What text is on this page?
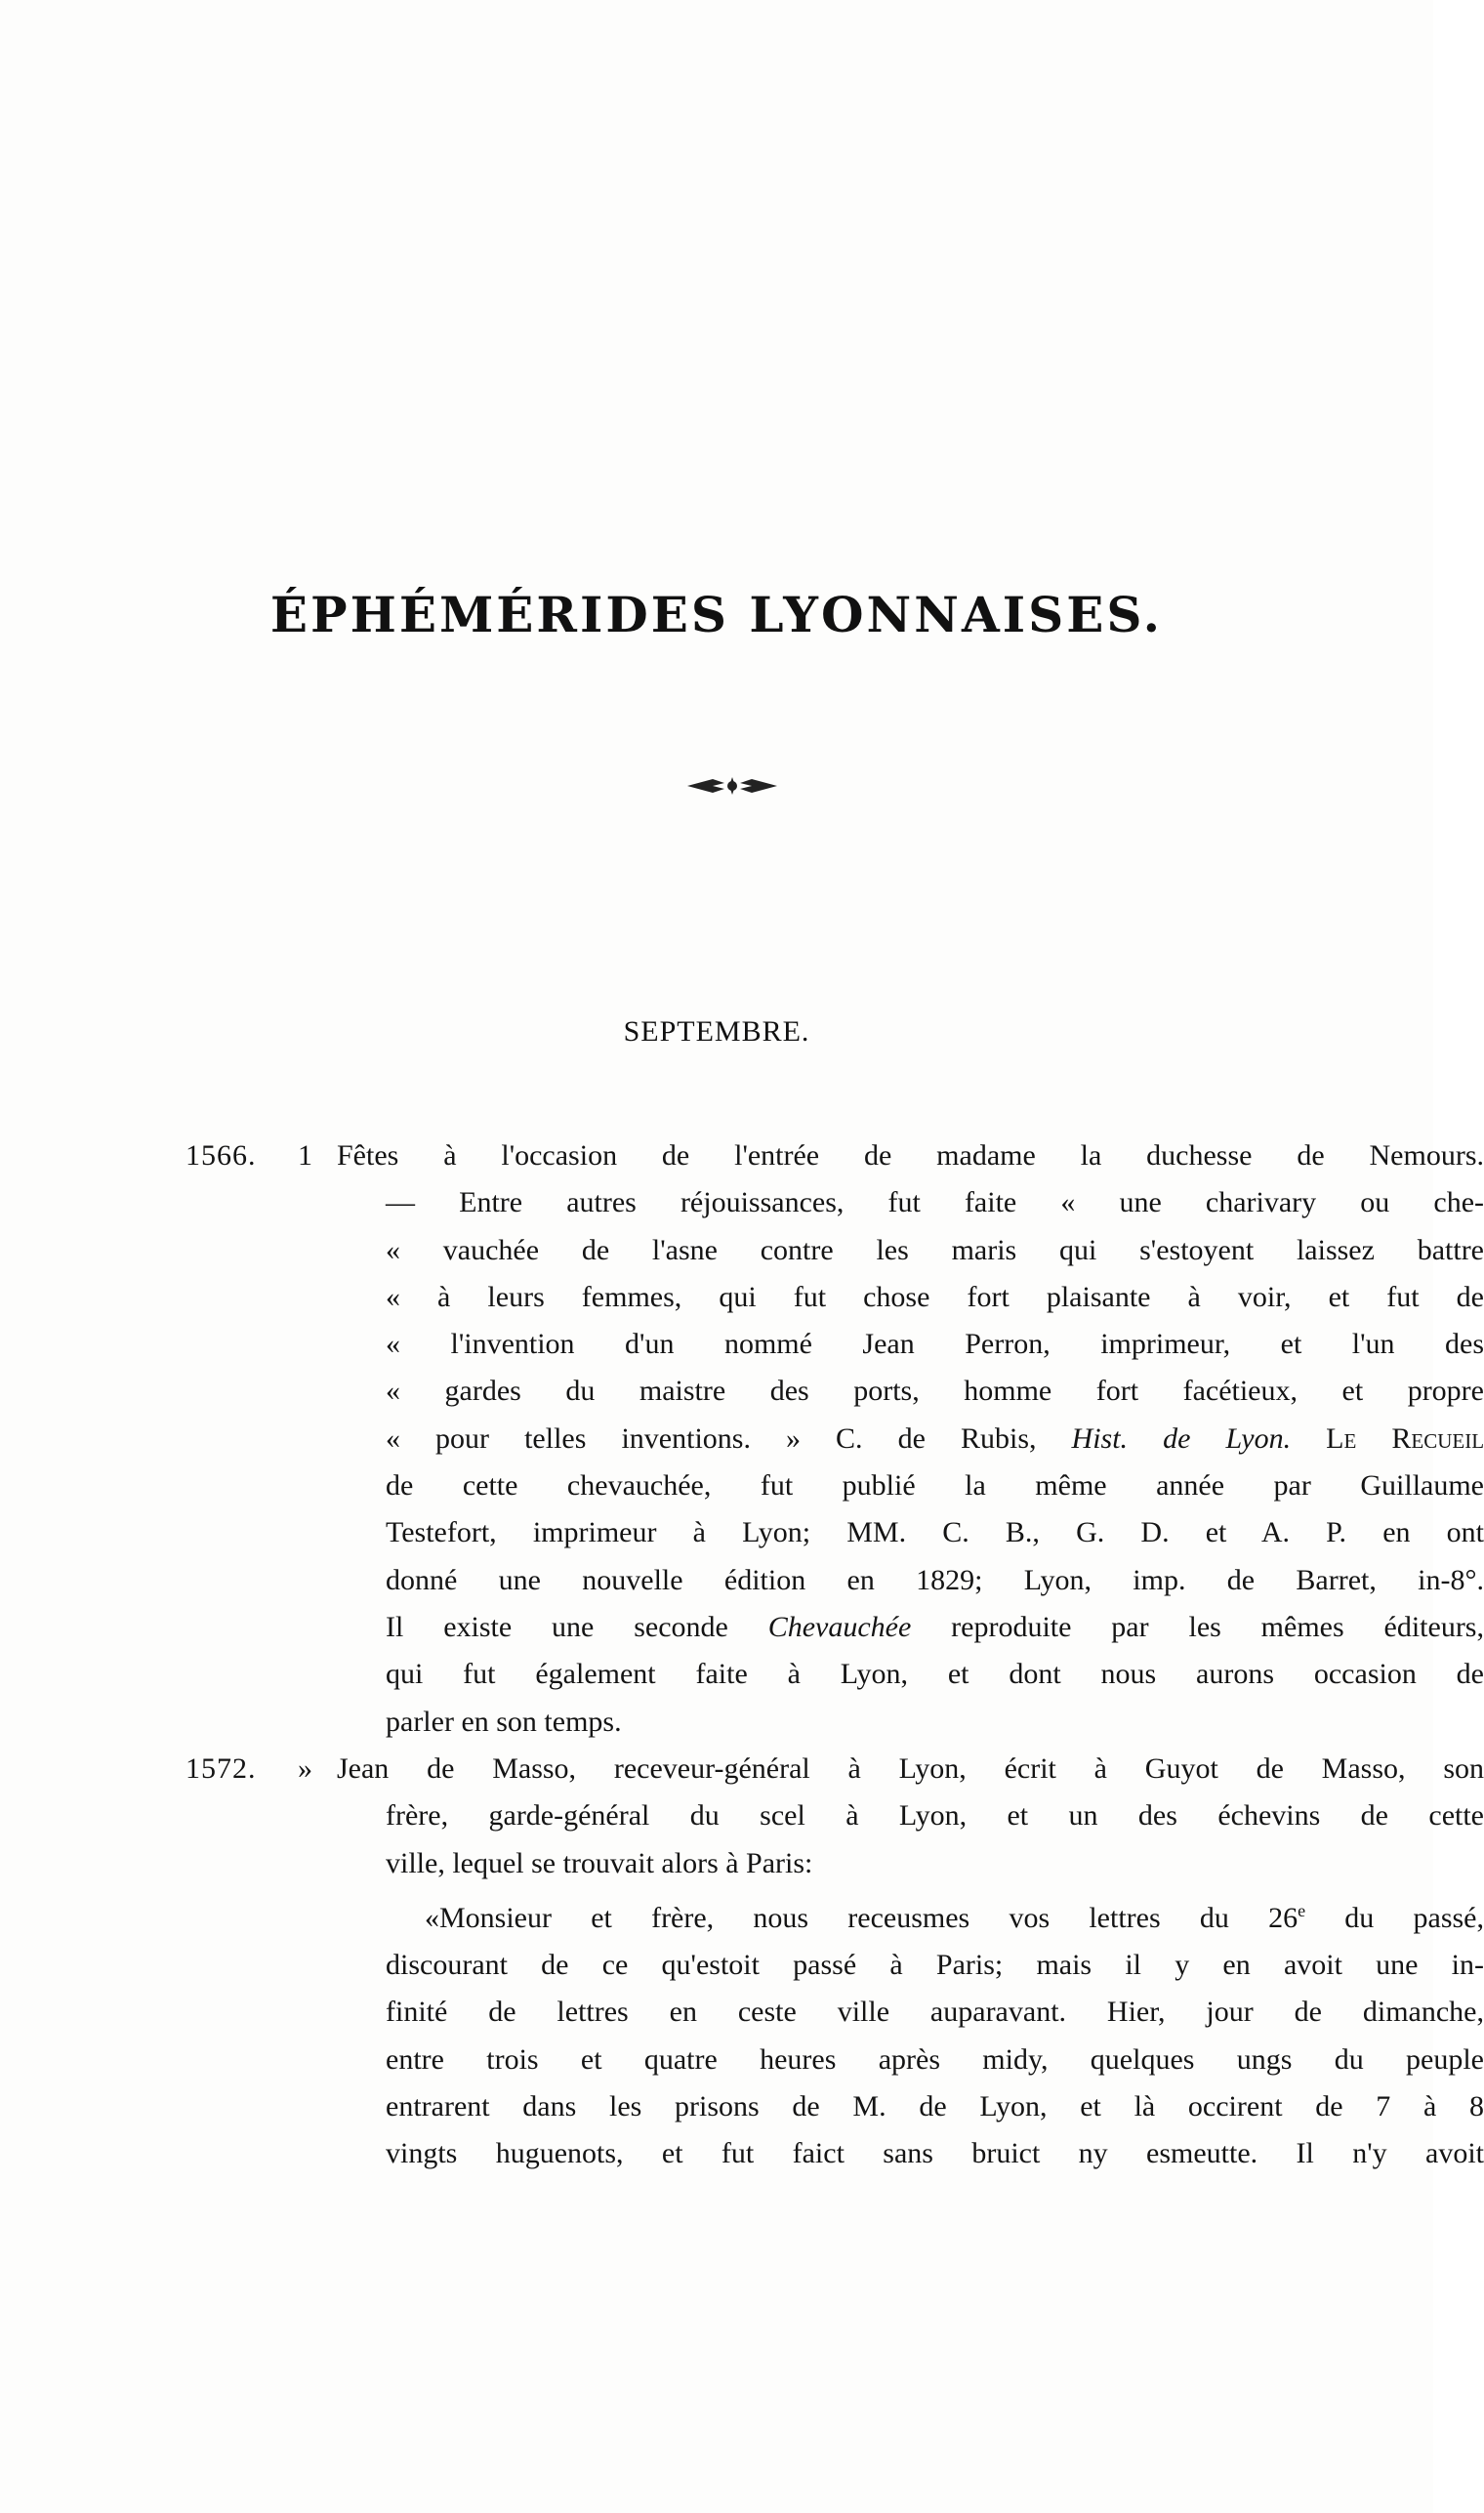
ÉPHÉMÉRIDES LYONNAISES.
SEPTEMBRE.
1566.	1 Fêtes à l'occasion de l'entrée de madame la duchesse de Nemours.
— Entre autres réjouissances, fut faite « une charivary ou che-
« vauchée de l'asne contre les maris qui s'estoyent laissez battre
« à leurs femmes, qui fut chose fort plaisante à voir, et fut de
« l'invention d'un nommé Jean Perron, imprimeur, et l'un des
« gardes du maistre des ports, homme fort facétieux, et propre
« pour telles inventions. » C. de Rubis, Hist. de Lyon. Le Recueil
de cette chevauchée, fut publié la même année par Guillaume
Testefort, imprimeur à Lyon; MM. C. B., G. D. et A. P. en ont
donné une nouvelle édition en 1829; Lyon, imp. de Barret, in-8°.
Il existe une seconde Chevauchée reproduite par les mêmes éditeurs,
qui fut également faite à Lyon, et dont nous aurons occasion de
parler en son temps.
1572.	» Jean de Masso, receveur-général à Lyon, écrit à Guyot de Masso, son
frère, garde-général du scel à Lyon, et un des échevins de cette
ville, lequel se trouvait alors à Paris:
«Monsieur et frère, nous receusmes vos lettres du 26e du passé,
discourant de ce qu'estoit passé à Paris; mais il y en avoit une in-
finité de lettres en ceste ville auparavant. Hier, jour de dimanche,
entre trois et quatre heures après midy, quelques ungs du peuple
entrarent dans les prisons de M. de Lyon, et là occirent de 7 à 8
vingts huguenots, et fut faict sans bruict ny esmeutte. Il n'y avoit
